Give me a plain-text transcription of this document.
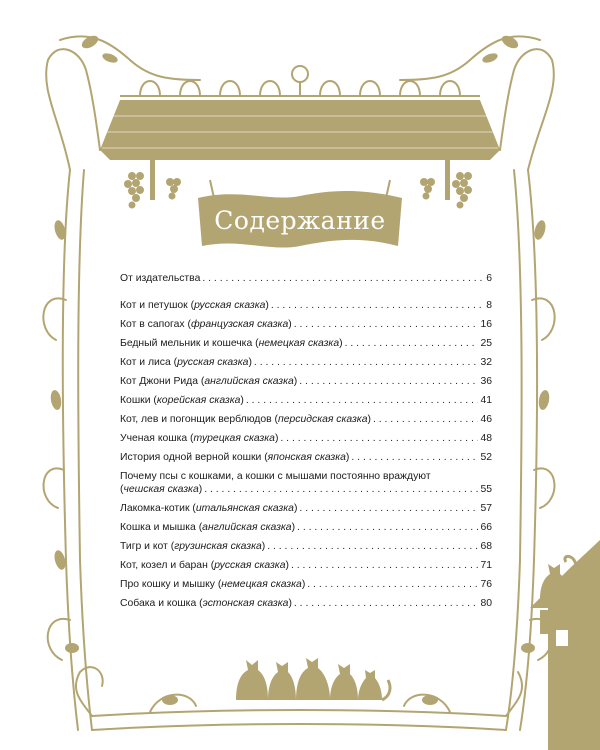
Содержание
От издательства . . .	6
Кот и петушок (русская сказка) . . .	8
Кот в сапогах (французская сказка) . . .	16
Бедный мельник и кошечка (немецкая сказка) . . .	25
Кот и лиса (русская сказка) . . .	32
Кот Джони Рида (английская сказка) . . .	36
Кошки (корейская сказка) . . .	41
Кот, лев и погонщик верблюдов (персидская сказка) . . .	46
Ученая кошка (турецкая сказка) . . .	48
История одной верной кошки (японская сказка) . . .	52
Почему псы с кошками, а кошки с мышами постоянно враждуют
(чешская сказка) . . .	55
Лакомка-котик (итальянская сказка) . . .	57
Кошка и мышка (английская сказка) . . .	66
Тигр и кот (грузинская сказка) . . .	68
Кот, козел и баран (русская сказка) . . .	71
Про кошку и мышку (немецкая сказка) . . .	76
Собака и кошка (эстонская сказка) . . .	80
